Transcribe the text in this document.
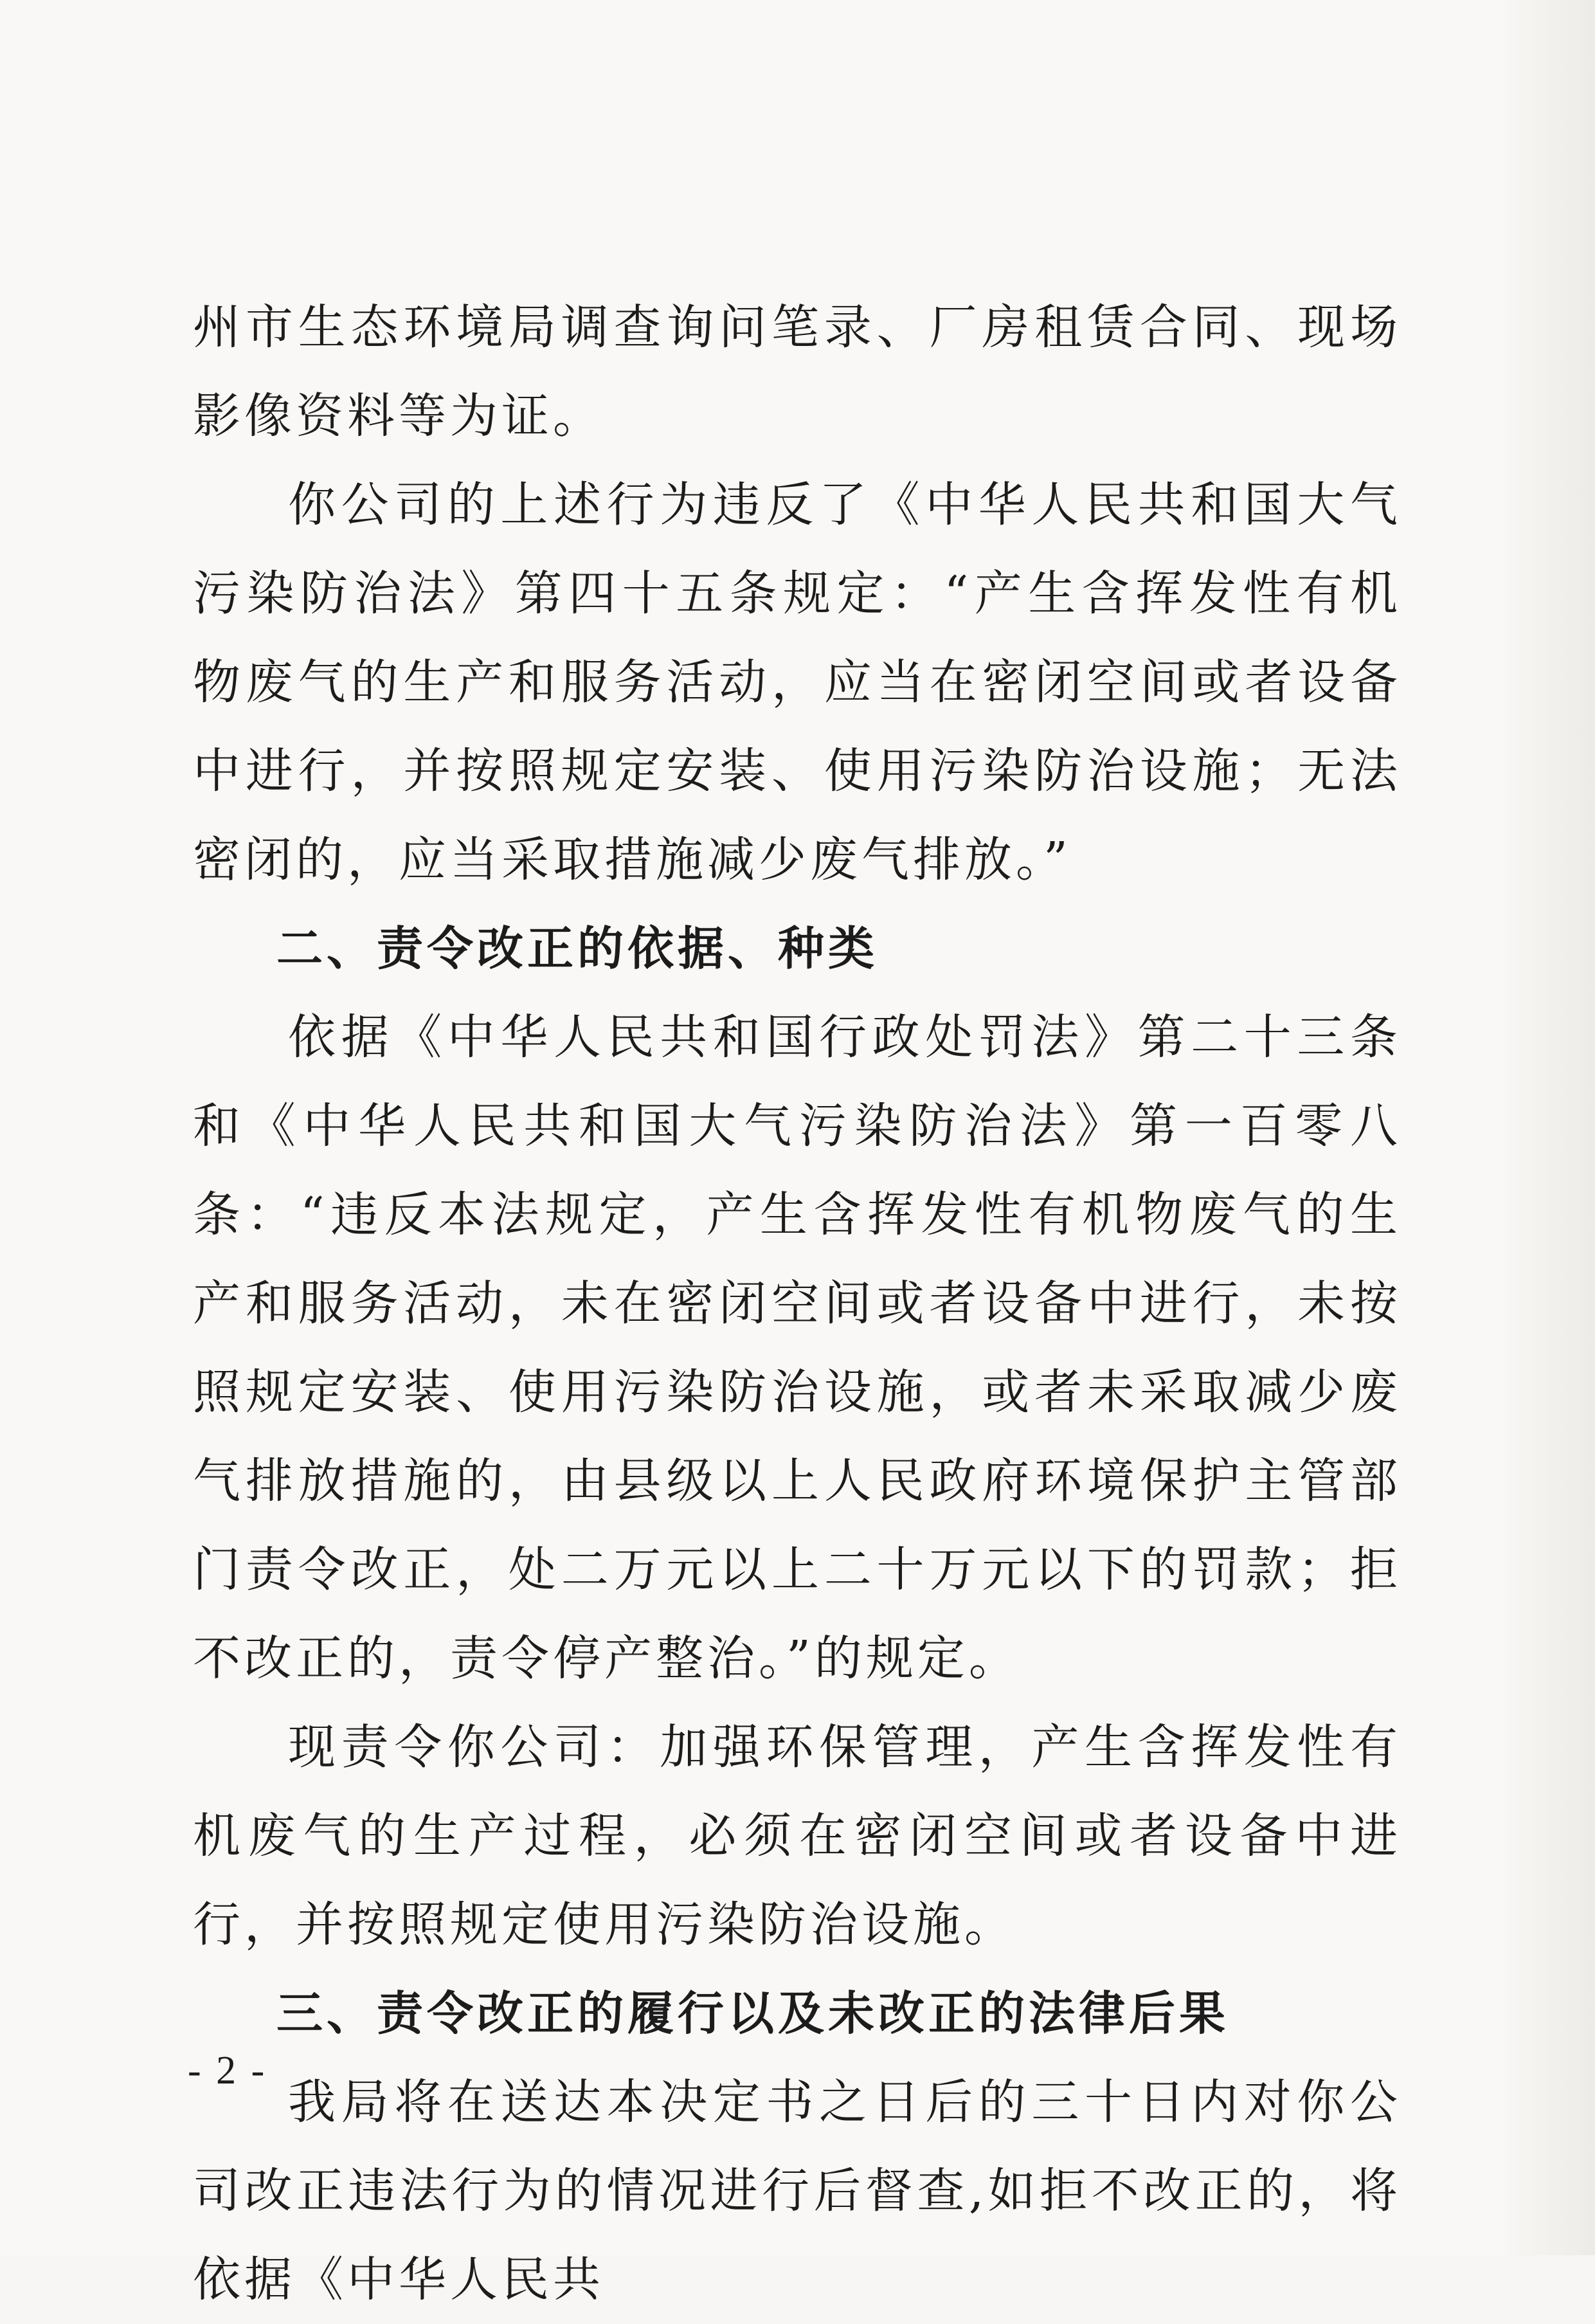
州市生态环境局调查询问笔录、厂房租赁合同、现场影像资料等为证。

你公司的上述行为违反了《中华人民共和国大气污染防治法》第四十五条规定：“产生含挥发性有机物废气的生产和服务活动，应当在密闭空间或者设备中进行，并按照规定安装、使用污染防治设施；无法密闭的，应当采取措施减少废气排放。”

二、责令改正的依据、种类

依据《中华人民共和国行政处罚法》第二十三条和《中华人民共和国大气污染防治法》第一百零八条：“违反本法规定，产生含挥发性有机物废气的生产和服务活动，未在密闭空间或者设备中进行，未按照规定安装、使用污染防治设施，或者未采取减少废气排放措施的，由县级以上人民政府环境保护主管部门责令改正，处二万元以上二十万元以下的罚款；拒不改正的，责令停产整治。”的规定。

现责令你公司：加强环保管理，产生含挥发性有机废气的生产过程，必须在密闭空间或者设备中进行，并按照规定使用污染防治设施。

三、责令改正的履行以及未改正的法律后果

我局将在送达本决定书之日后的三十日内对你公司改正违法行为的情况进行后督查,如拒不改正的，将依据《中华人民共

- 2 -
